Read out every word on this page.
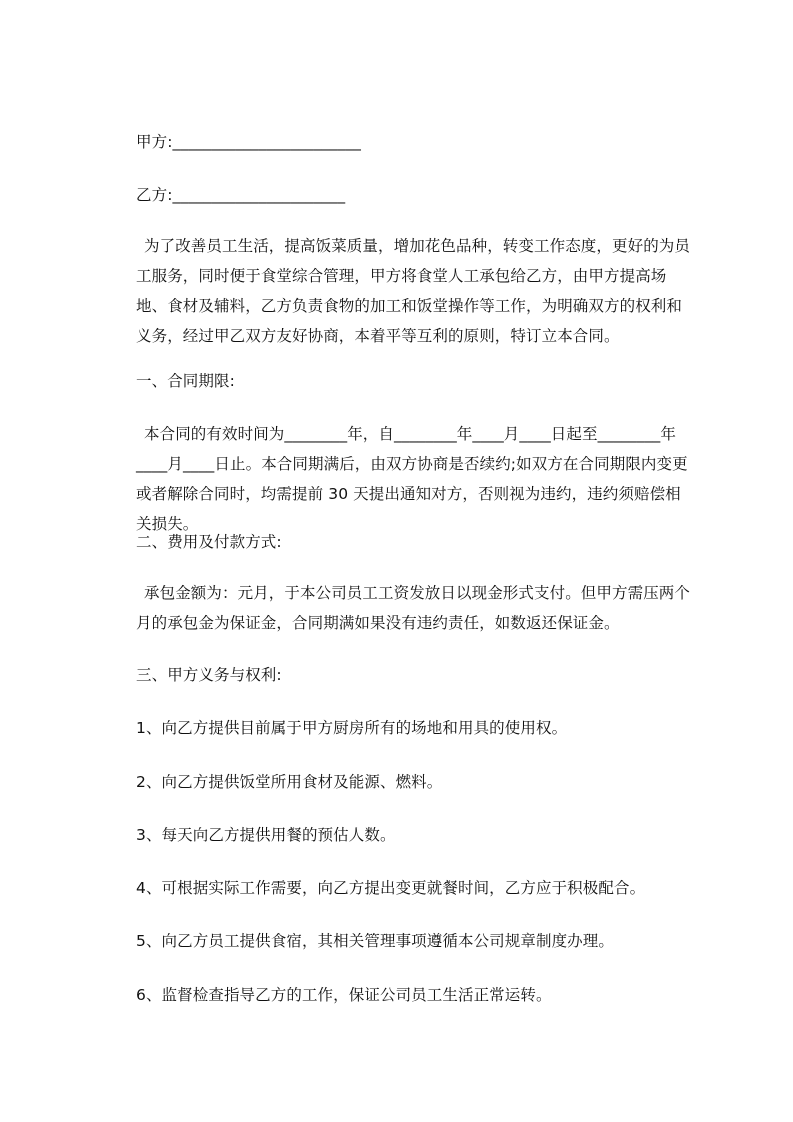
甲方:________________________

乙方:______________________

为了改善员工生活，提高饭菜质量，增加花色品种，转变工作态度，更好的为员工服务，同时便于食堂综合管理，甲方将食堂人工承包给乙方，由甲方提高场地、食材及辅料，乙方负责食物的加工和饭堂操作等工作，为明确双方的权利和义务，经过甲乙双方友好协商，本着平等互利的原则，特订立本合同。

一、合同期限:

本合同的有效时间为________年，自________年____月____日起至________年____月____日止。本合同期满后，由双方协商是否续约;如双方在合同期限内变更或者解除合同时，均需提前 30 天提出通知对方，否则视为违约，违约须赔偿相关损失。

二、费用及付款方式:

承包金额为：元月，于本公司员工工资发放日以现金形式支付。但甲方需压两个月的承包金为保证金，合同期满如果没有违约责任，如数返还保证金。

三、甲方义务与权利:

1、向乙方提供目前属于甲方厨房所有的场地和用具的使用权。

2、向乙方提供饭堂所用食材及能源、燃料。

3、每天向乙方提供用餐的预估人数。

4、可根据实际工作需要，向乙方提出变更就餐时间，乙方应于积极配合。

5、向乙方员工提供食宿，其相关管理事项遵循本公司规章制度办理。

6、监督检查指导乙方的工作，保证公司员工生活正常运转。
